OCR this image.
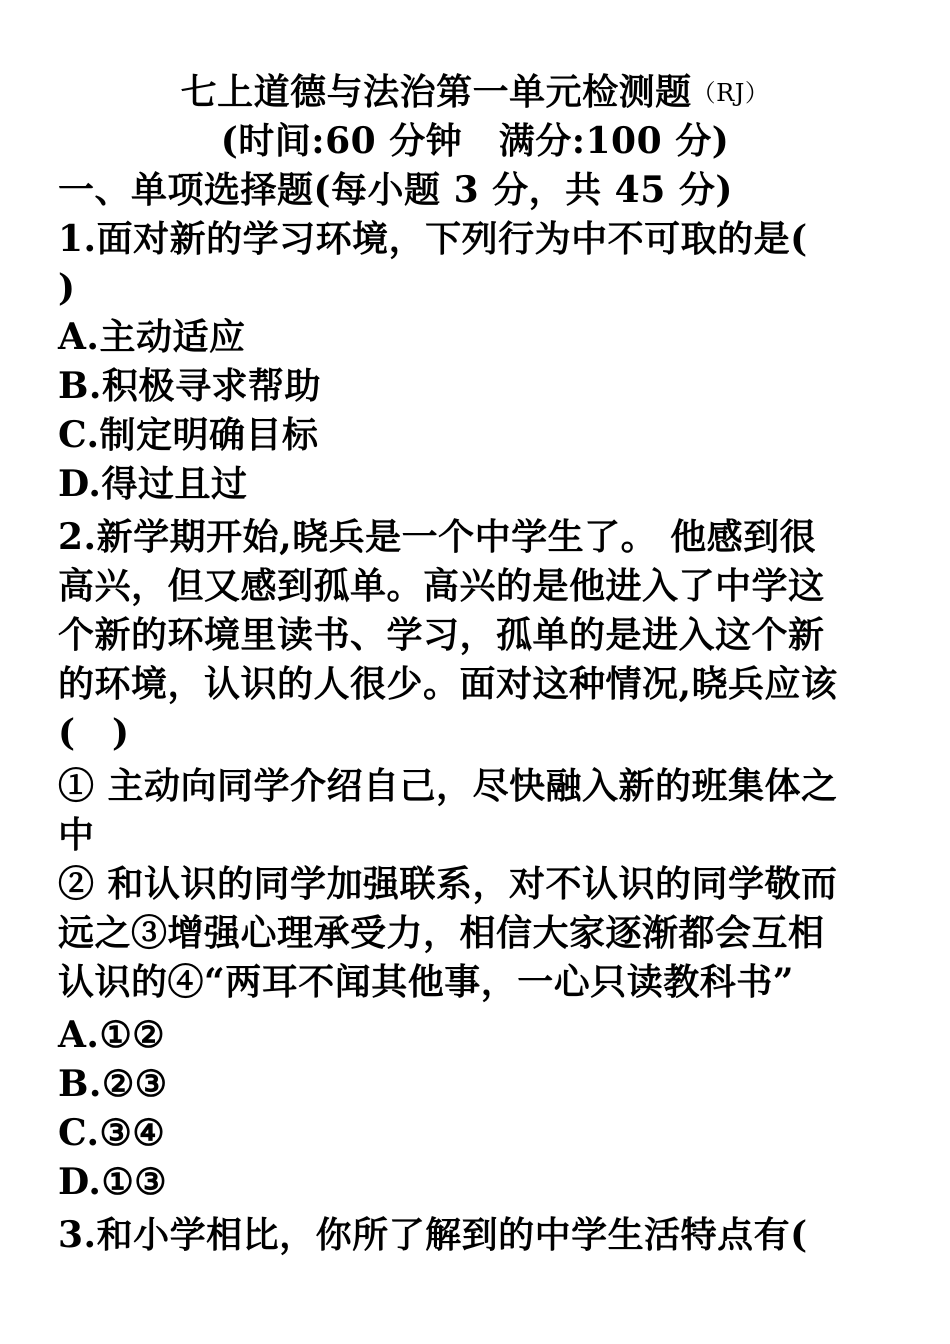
七上道德与法治第一单元检测题（RJ）
(时间:60 分钟　满分:100 分)
一、单项选择题(每小题 3 分，共 45 分)
1.面对新的学习环境，下列行为中不可取的是(
)
A.主动适应
B.积极寻求帮助
C.制定明确目标
D.得过且过
2.新学期开始,晓兵是一个中学生了。 他感到很
高兴，但又感到孤单。高兴的是他进入了中学这
个新的环境里读书、学习，孤单的是进入这个新
的环境，认识的人很少。面对这种情况,晓兵应该
(　)
① 主动向同学介绍自己，尽快融入新的班集体之
中
② 和认识的同学加强联系，对不认识的同学敬而
远之③增强心理承受力，相信大家逐渐都会互相
认识的④“两耳不闻其他事，一心只读教科书”
A.①②
B.②③
C.③④
D.①③
3.和小学相比，你所了解到的中学生活特点有(
